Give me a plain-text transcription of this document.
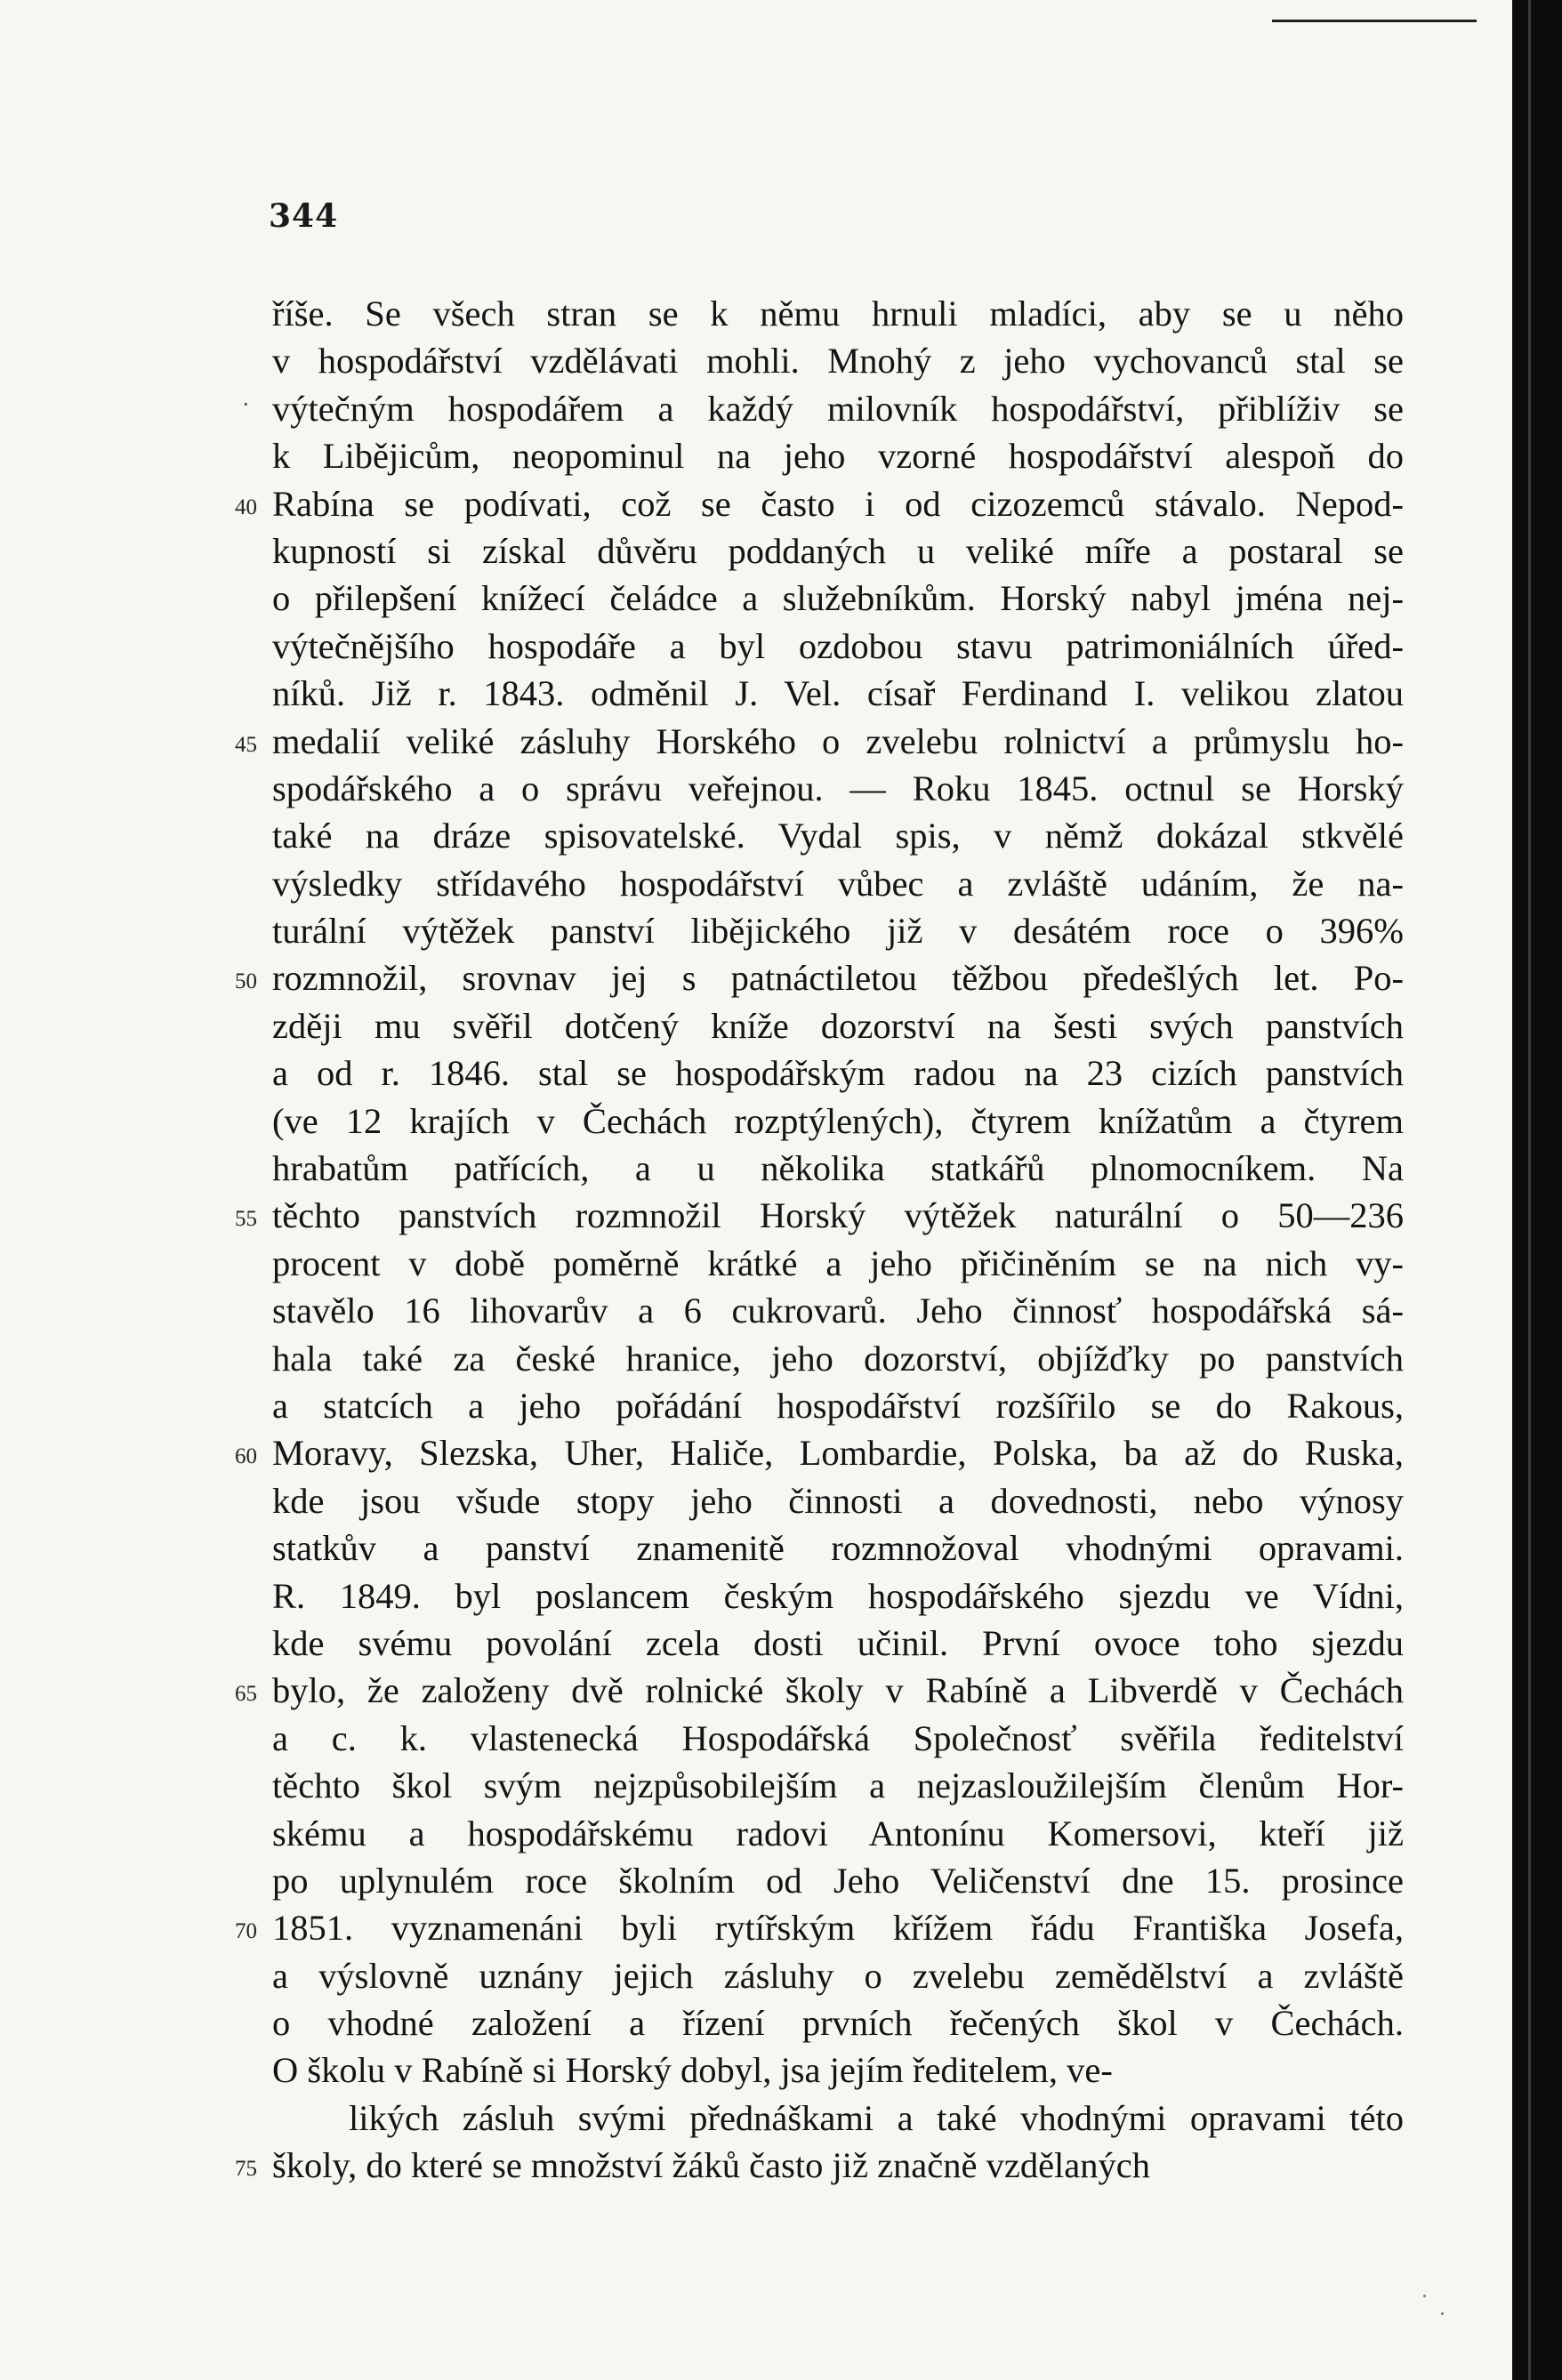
344
·
říše. Se všech stran se k němu hrnuli mladíci, aby se u něho
v hospodářství vzdělávati mohli. Mnohý z jeho vychovanců stal se
výtečným hospodářem a každý milovník hospodářství, přiblíživ se
k Liběјicům, neopominul na jeho vzorné hospodářství alespoň do
Rabína se podívati, což se často i od cizozemců stávalo. Nepod-
40
kupností si získal důvěru poddaných u veliké míře a postaral se
o přilepšení knížecí čeládce a služebníkům. Horský nabyl jména nej-
výtečnějšího hospodáře a byl ozdobou stavu patrimoniálních úřed-
níků. Již r. 1843. odměnil J. Vel. císař Ferdinand I. velikou zlatou
medalií veliké zásluhy Horského o zvelebu rolnictví a průmyslu ho-
45
spodářského a o správu veřejnou. — Roku 1845. octnul se Horský
také na dráze spisovatelské. Vydal spis, v němž dokázal stkvělé
výsledky střídavého hospodářství vůbec a zvláště udáním, že na-
turální výtěžek panství liběјického již v desátém roce o 396%
rozmnožil, srovnav jej s patnáctiletou těžbou předešlých let. Po-
50
zději mu svěřil dotčený kníže dozorství na šesti svých panstvích
a od r. 1846. stal se hospodářským radou na 23 cizích panstvích
(ve 12 krajích v Čechách rozptýlených), čtyrem knížatům a čtyrem
hrabatům patřících, a u několika statkářů plnomocníkem. Na
těchto panstvích rozmnožil Horský výtěžek naturální o 50—236
55
procent v době poměrně krátké a jeho přičiněním se na nich vy-
stavělo 16 lihovarův a 6 cukrovarů. Jeho činnosť hospodářská sá-
hala také za české hranice, jeho dozorství, objížďky po panstvích
a statcích a jeho pořádání hospodářství rozšířilo se do Rakous,
Moravy, Slezska, Uher, Haliče, Lombardie, Polska, ba až do Ruska,
60
kde jsou všude stopy jeho činnosti a dovednosti, nebo výnosy
statkův a panství znamenitě rozmnožoval vhodnými opravami.
R. 1849. byl poslancem českým hospodářského sjezdu ve Vídni,
kde svému povolání zcela dosti učinil. První ovoce toho sjezdu
bylo, že založeny dvě rolnické školy v Rabíně a Libverdě v Čechách
65
a c. k. vlastenecká Hospodářská Společnosť svěřila ředitelství
těchto škol svým nejzpůsobilejším a nejzasloužilejším členům Hor-
skému a hospodářskému radovi Antonínu Komersovi, kteří již
po uplynulém roce školním od Jeho Veličenství dne 15. prosince
1851. vyznamenáni byli rytířským křížem řádu Františka Josefa,
70
a výslovně uznány jejich zásluhy o zvelebu zemědělství a zvláště
o vhodné založení a řízení prvních řečených škol v Čechách.
O školu v Rabíně si Horský dobyl, jsa jejím ředitelem, ve-
likých zásluh svými přednáškami a také vhodnými opravami této
školy, do které se množství žáků často již značně vzdělaných
75
